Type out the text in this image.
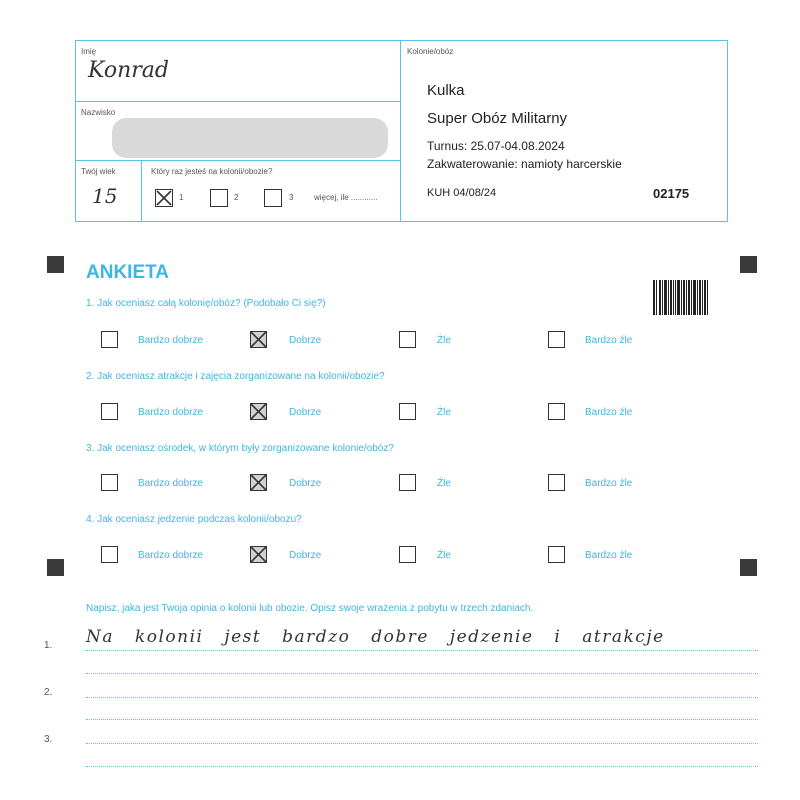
Imię
Konrad
Nazwisko
Twój wiek
15
Który raz jesteś na kolonii/obozie?
1	2	3	więcej, ile ............
Kolonie/obóz
Kulka
Super Obóz Militarny
Turnus: 25.07-04.08.2024
Zakwaterowanie: namioty harcerskie
KUH 04/08/24	02175
ANKIETA
1. Jak oceniasz całą kolonię/obóz? (Podobało Ci się?)
Bardzo dobrze	Dobrze	Źle	Bardzo źle
2. Jak oceniasz atrakcje i zajęcia zorganizowane na kolonii/obozie?
Bardzo dobrze	Dobrze	Źle	Bardzo źle
3. Jak oceniasz ośrodek, w którym były zorganizowane kolonie/obóz?
Bardzo dobrze	Dobrze	Źle	Bardzo źle
4. Jak oceniasz jedzenie podczas kolonii/obozu?
Bardzo dobrze	Dobrze	Źle	Bardzo źle
Napisz, jaka jest Twoja opinia o kolonii lub obozie. Opisz swoje wrażenia z pobytu w trzech zdaniach.
1. Na kolonii jest bardzo dobre jedzenie i atrakcje
2.
3.
